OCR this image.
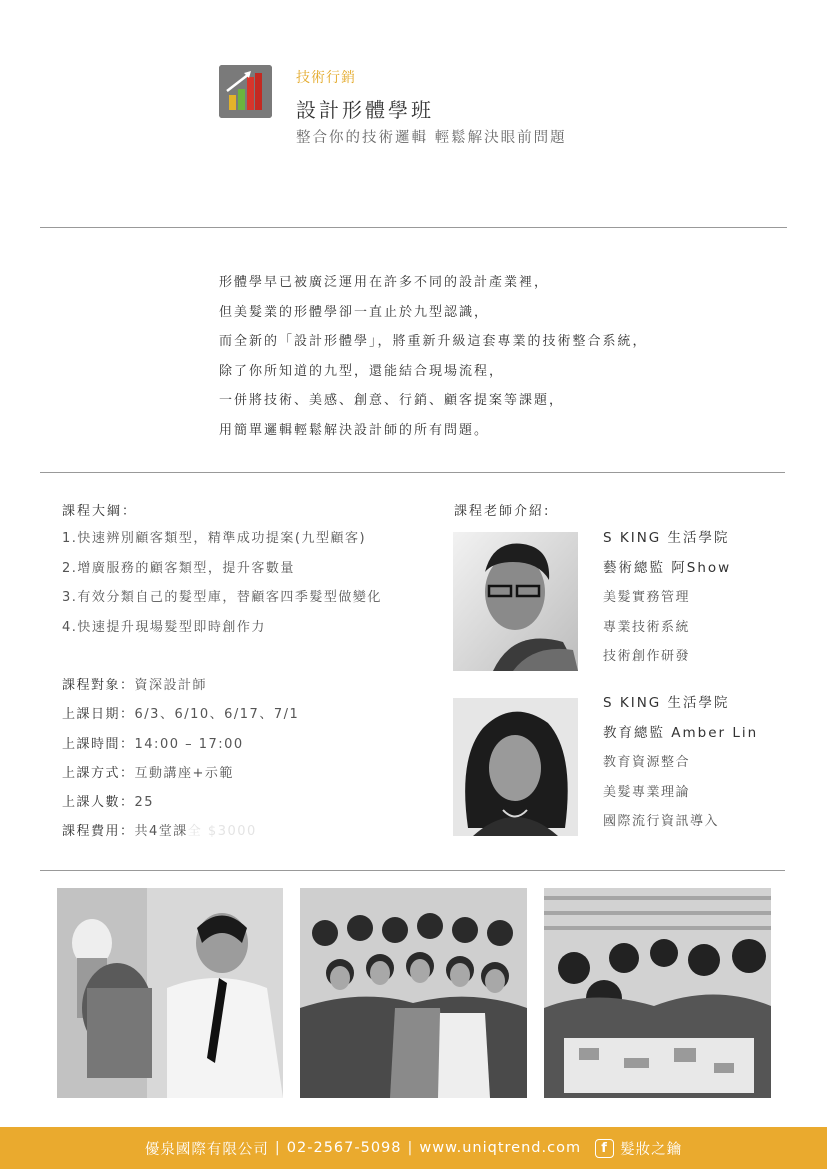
技術行銷
設計形體學班
整合你的技術邏輯 輕鬆解決眼前問題
形體學早已被廣泛運用在許多不同的設計產業裡，
但美髮業的形體學卻一直止於九型認識，
而全新的「設計形體學」，將重新升級這套專業的技術整合系統，
除了你所知道的九型，還能結合現場流程，
一併將技術、美感、創意、行銷、顧客提案等課題，
用簡單邏輯輕鬆解決設計師的所有問題。
課程大綱：
1.快速辨別顧客類型，精準成功提案(九型顧客)
2.增廣服務的顧客類型，提升客數量
3.有效分類自己的髮型庫，替顧客四季髮型做變化
4.快速提升現場髮型即時創作力
課程對象：資深設計師
上課日期：6/3、6/10、6/17、7/1
上課時間：14:00 – 17:00
上課方式：互動講座+示範
上課人數：25
課程費用：共4堂課全 $3000
課程老師介紹:
S KING 生活學院
藝術總監 阿Show
美髮實務管理
專業技術系統
技術創作研發
S KING 生活學院
教育總監 Amber Lin
教育資源整合
美髮專業理論
國際流行資訊導入
優泉國際有限公司 | 02-2567-5098 | www.uniqtrend.com	f 髮妝之鑰
